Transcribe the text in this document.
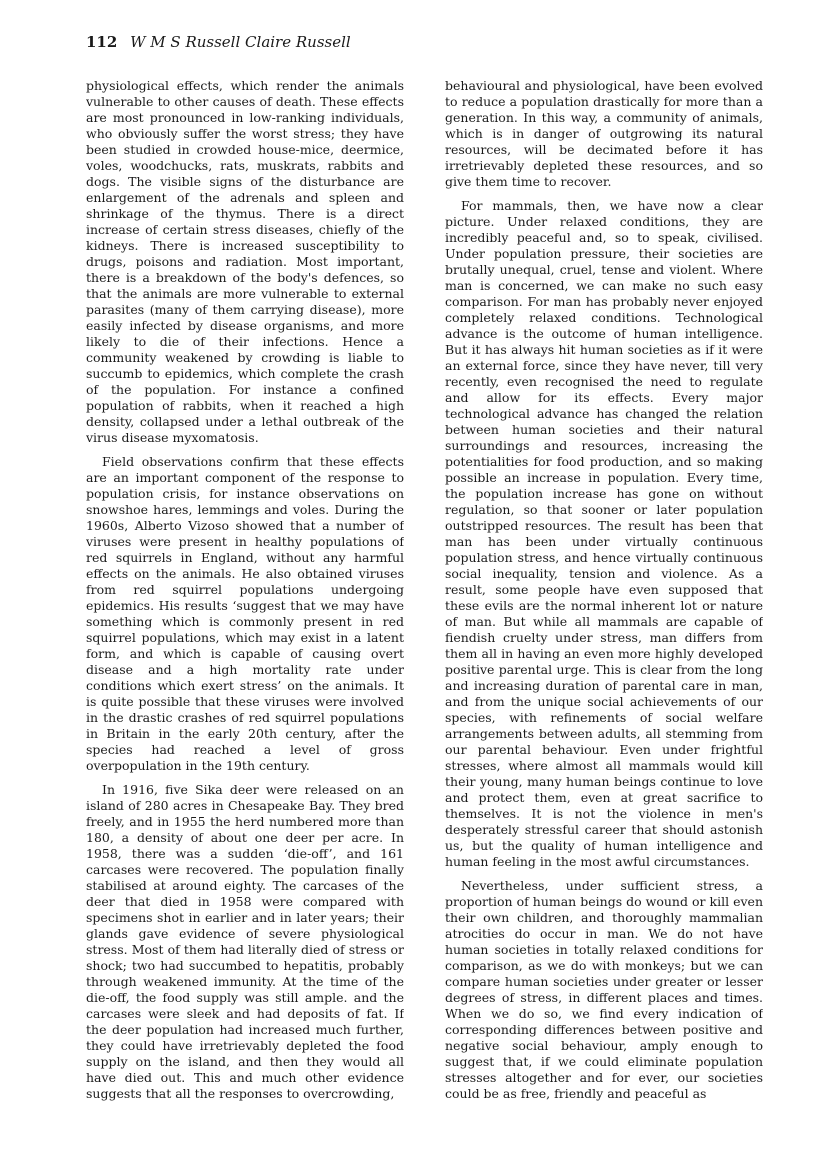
112 W M S Russell Claire Russell

physiological effects, which render the animals vulnerable to other causes of death. These effects are most pronounced in low-ranking individuals, who obviously suffer the worst stress; they have been studied in crowded house-mice, deermice, voles, woodchucks, rats, muskrats, rabbits and dogs. The visible signs of the disturbance are enlargement of the adrenals and spleen and shrinkage of the thymus. There is a direct increase of certain stress diseases, chiefly of the kidneys. There is increased susceptibility to drugs, poisons and radiation. Most important, there is a breakdown of the body's defences, so that the animals are more vulnerable to external parasites (many of them carrying disease), more easily infected by disease organisms, and more likely to die of their infections. Hence a community weakened by crowding is liable to succumb to epidemics, which complete the crash of the population. For instance a confined population of rabbits, when it reached a high density, collapsed under a lethal outbreak of the virus disease myxomatosis.

Field observations confirm that these effects are an important component of the response to population crisis, for instance observations on snowshoe hares, lemmings and voles. During the 1960s, Alberto Vizoso showed that a number of viruses were present in healthy populations of red squirrels in England, without any harmful effects on the animals. He also obtained viruses from red squirrel populations undergoing epidemics. His results ‘suggest that we may have something which is commonly present in red squirrel populations, which may exist in a latent form, and which is capable of causing overt disease and a high mortality rate under conditions which exert stress’ on the animals. It is quite possible that these viruses were involved in the drastic crashes of red squirrel populations in Britain in the early 20th century, after the species had reached a level of gross overpopulation in the 19th century.

In 1916, five Sika deer were released on an island of 280 acres in Chesapeake Bay. They bred freely, and in 1955 the herd numbered more than 180, a density of about one deer per acre. In 1958, there was a sudden ‘die-off’, and 161 carcases were recovered. The population finally stabilised at around eighty. The carcases of the deer that died in 1958 were compared with specimens shot in earlier and in later years; their glands gave evidence of severe physiological stress. Most of them had literally died of stress or shock; two had succumbed to hepatitis, probably through weakened immunity. At the time of the die-off, the food supply was still ample. and the carcases were sleek and had deposits of fat. If the deer population had increased much further, they could have irretrievably depleted the food supply on the island, and then they would all have died out. This and much other evidence suggests that all the responses to overcrowding,

behavioural and physiological, have been evolved to reduce a population drastically for more than a generation. In this way, a community of animals, which is in danger of outgrowing its natural resources, will be decimated before it has irretrievably depleted these resources, and so give them time to recover.

For mammals, then, we have now a clear picture. Under relaxed conditions, they are incredibly peaceful and, so to speak, civilised. Under population pressure, their societies are brutally unequal, cruel, tense and violent. Where man is concerned, we can make no such easy comparison. For man has probably never enjoyed completely relaxed conditions. Technological advance is the outcome of human intelligence. But it has always hit human societies as if it were an external force, since they have never, till very recently, even recognised the need to regulate and allow for its effects. Every major technological advance has changed the relation between human societies and their natural surroundings and resources, increasing the potentialities for food production, and so making possible an increase in population. Every time, the population increase has gone on without regulation, so that sooner or later population outstripped resources. The result has been that man has been under virtually continuous population stress, and hence virtually continuous social inequality, tension and violence. As a result, some people have even supposed that these evils are the normal inherent lot or nature of man. But while all mammals are capable of fiendish cruelty under stress, man differs from them all in having an even more highly developed positive parental urge. This is clear from the long and increasing duration of parental care in man, and from the unique social achievements of our species, with refinements of social welfare arrangements between adults, all stemming from our parental behaviour. Even under frightful stresses, where almost all mammals would kill their young, many human beings continue to love and protect them, even at great sacrifice to themselves. It is not the violence in men's desperately stressful career that should astonish us, but the quality of human intelligence and human feeling in the most awful circumstances.

Nevertheless, under sufficient stress, a proportion of human beings do wound or kill even their own children, and thoroughly mammalian atrocities do occur in man. We do not have human societies in totally relaxed conditions for comparison, as we do with monkeys; but we can compare human societies under greater or lesser degrees of stress, in different places and times. When we do so, we find every indication of corresponding differences between positive and negative social behaviour, amply enough to suggest that, if we could eliminate population stresses altogether and for ever, our societies could be as free, friendly and peaceful as
